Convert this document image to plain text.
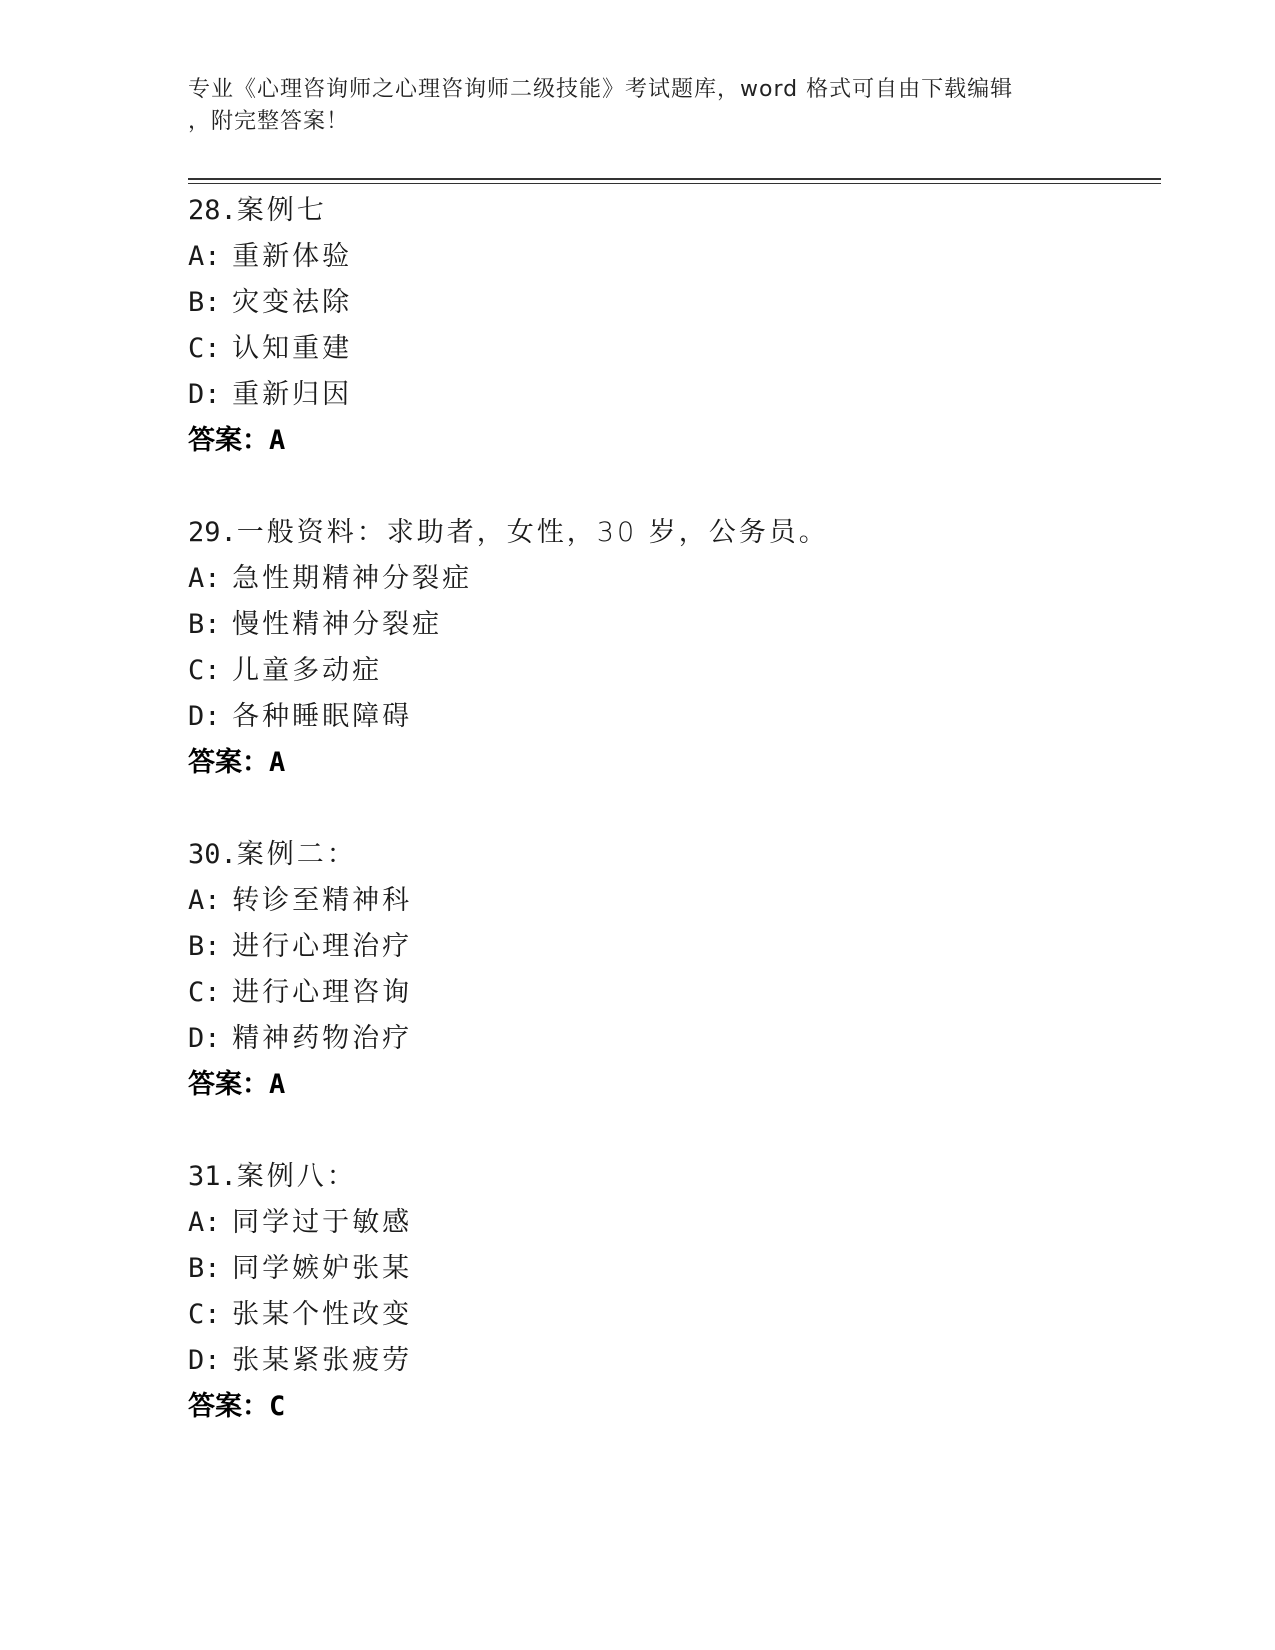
专业《心理咨询师之心理咨询师二级技能》考试题库，word 格式可自由下载编辑
，附完整答案！
28.案例七
A: 重新体验
B: 灾变祛除
C: 认知重建
D: 重新归因
答案：A
29.一般资料：求助者，女性，30 岁，公务员。
A: 急性期精神分裂症
B: 慢性精神分裂症
C: 儿童多动症
D: 各种睡眠障碍
答案：A
30.案例二：
A: 转诊至精神科
B: 进行心理治疗
C: 进行心理咨询
D: 精神药物治疗
答案：A
31.案例八：
A: 同学过于敏感
B: 同学嫉妒张某
C: 张某个性改变
D: 张某紧张疲劳
答案：C
